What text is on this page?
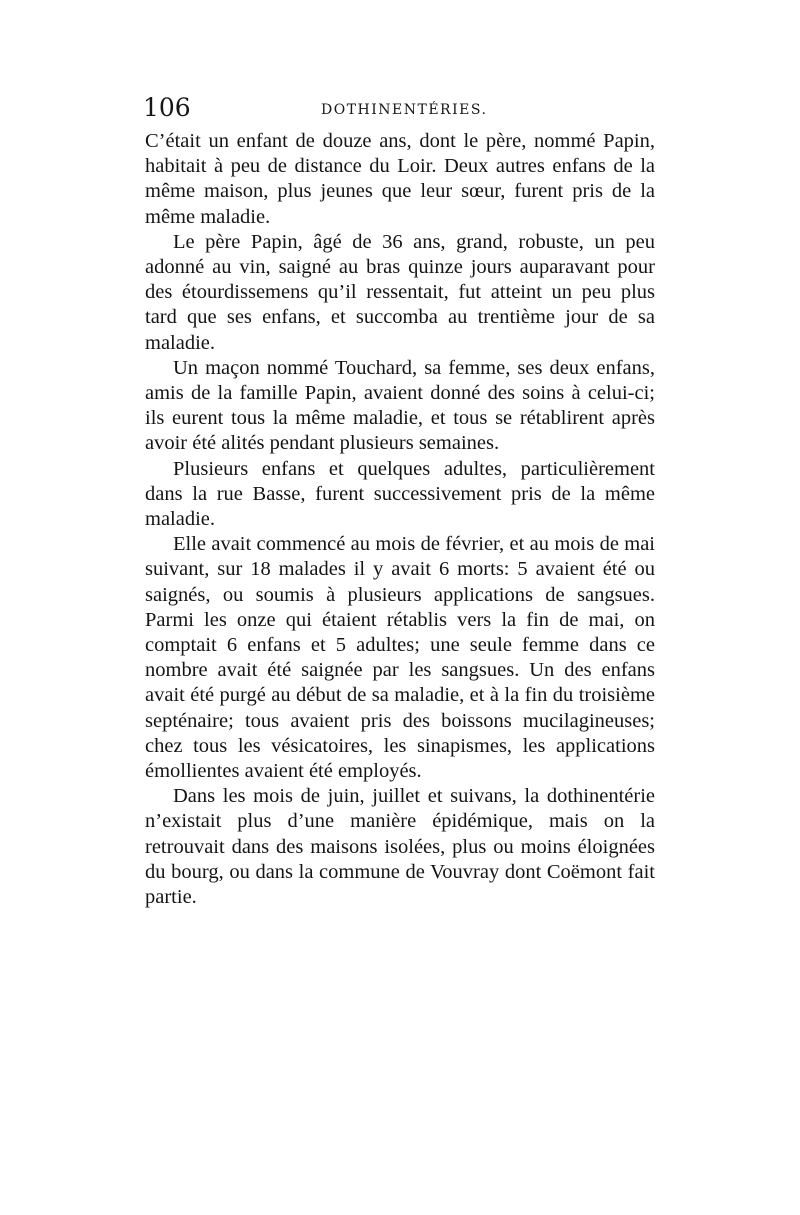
106	DOTHINENTÉRIES.

C’était un enfant de douze ans, dont le père, nommé Papin, habitait à peu de distance du Loir. Deux autres enfans de la même maison, plus jeunes que leur sœur, furent pris de la même maladie.

Le père Papin, âgé de 36 ans, grand, robuste, un peu adonné au vin, saigné au bras quinze jours auparavant pour des étourdissemens qu’il ressentait, fut atteint un peu plus tard que ses enfans, et succomba au trentième jour de sa maladie.

Un maçon nommé Touchard, sa femme, ses deux enfans, amis de la famille Papin, avaient donné des soins à celui-ci; ils eurent tous la même maladie, et tous se rétablirent après avoir été alités pendant plusieurs semaines.

Plusieurs enfans et quelques adultes, particulièrement dans la rue Basse, furent successivement pris de la même maladie.

Elle avait commencé au mois de février, et au mois de mai suivant, sur 18 malades il y avait 6 morts: 5 avaient été ou saignés, ou soumis à plusieurs applications de sangsues. Parmi les onze qui étaient rétablis vers la fin de mai, on comptait 6 enfans et 5 adultes; une seule femme dans ce nombre avait été saignée par les sangsues. Un des enfans avait été purgé au début de sa maladie, et à la fin du troisième septénaire; tous avaient pris des boissons mucilagineuses; chez tous les vésicatoires, les sinapismes, les applications émollientes avaient été employés.

Dans les mois de juin, juillet et suivans, la dothinentérie n’existait plus d’une manière épidémique, mais on la retrouvait dans des maisons isolées, plus ou moins éloignées du bourg, ou dans la commune de Vouvray dont Coëmont fait partie.
